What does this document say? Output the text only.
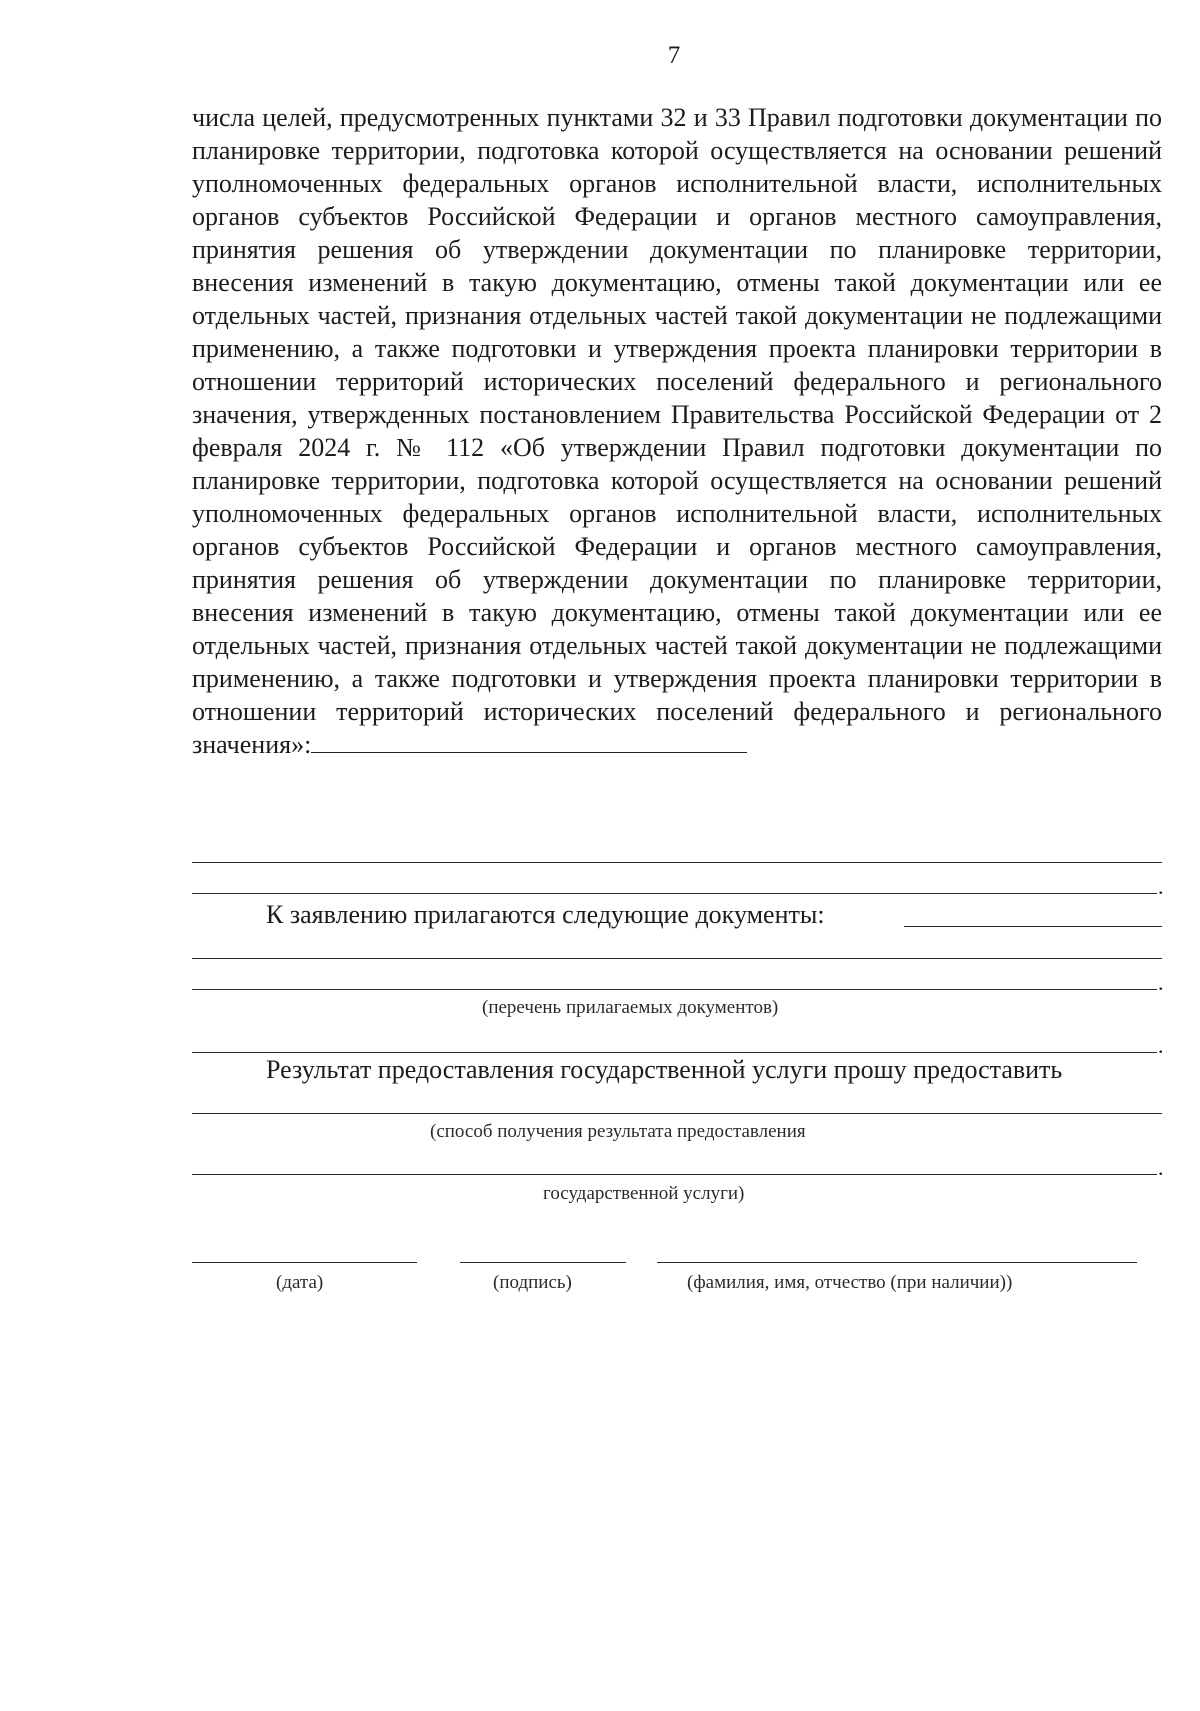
7

числа целей, предусмотренных пунктами 32 и 33 Правил подготовки документации по планировке территории, подготовка которой осуществляется на основании решений уполномоченных федеральных органов исполнительной власти, исполнительных органов субъектов Российской Федерации и органов местного самоуправления, принятия решения об утверждении документации по планировке территории, внесения изменений в такую документацию, отмены такой документации или ее отдельных частей, признания отдельных частей такой документации не подлежащими применению, а также подготовки и утверждения проекта планировки территории в отношении территорий исторических поселений федерального и регионального значения, утвержденных постановлением Правительства Российской Федерации от 2 февраля 2024 г. № 112 «Об утверждении Правил подготовки документации по планировке территории, подготовка которой осуществляется на основании решений уполномоченных федеральных органов исполнительной власти, исполнительных органов субъектов Российской Федерации и органов местного самоуправления, принятия решения об утверждении документации по планировке территории, внесения изменений в такую документацию, отмены такой документации или ее отдельных частей, признания отдельных частей такой документации не подлежащими применению, а также подготовки и утверждения проекта планировки территории в отношении территорий исторических поселений федерального и регионального значения»:

.
К заявлению прилагаются следующие документы:
.
(перечень прилагаемых документов)
.
Результат предоставления государственной услуги прошу предоставить
(способ получения результата предоставления
.
государственной услуги)
(дата)	(подпись)	(фамилия, имя, отчество (при наличии))
